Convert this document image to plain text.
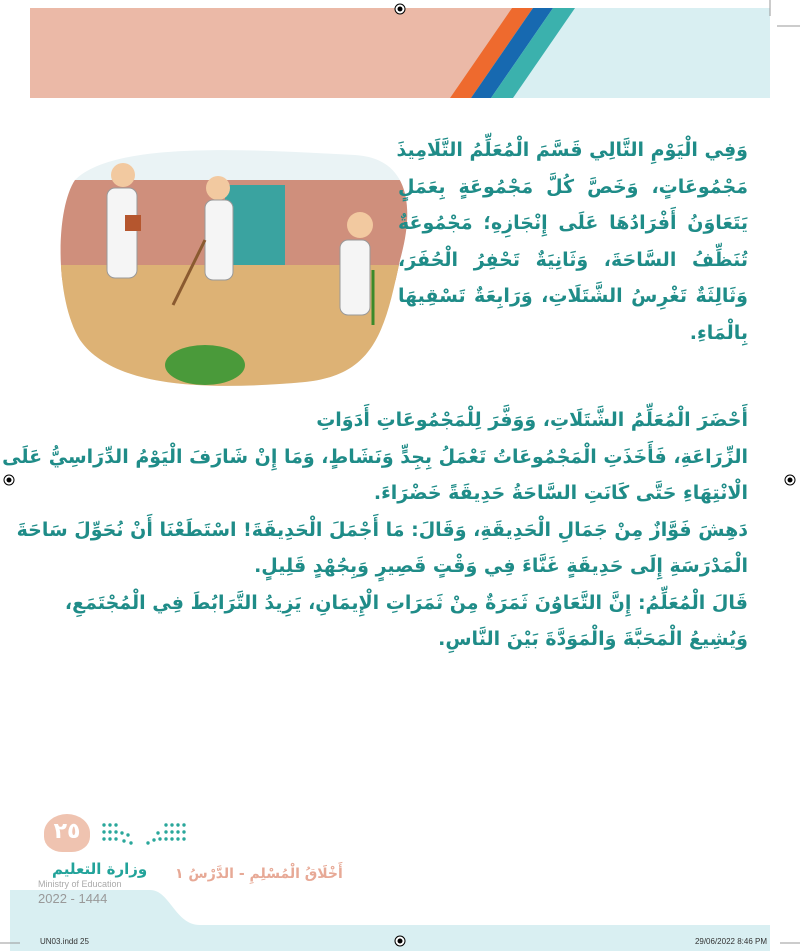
وَفِي الْيَوْمِ التَّالِي قَسَّمَ الْمُعَلِّمُ التَّلَامِيذَ
مَجْمُوعَاتٍ، وَخَصَّ كُلَّ مَجْمُوعَةٍ بِعَمَلٍ
يَتَعَاوَنُ أَفْرَادُهَا عَلَى إِنْجَازِهِ؛ مَجْمُوعَةٌ
تُنَظِّفُ السَّاحَةَ، وَثَانِيَةٌ تَحْفِرُ الْحُفَرَ،
وَثَالِثَةٌ تَغْرِسُ الشَّتَلَاتِ، وَرَابِعَةٌ تَسْقِيهَا
بِالْمَاءِ.
أَحْضَرَ الْمُعَلِّمُ الشَّتَلَاتِ، وَوَفَّرَ لِلْمَجْمُوعَاتِ أَدَوَاتِ
الزِّرَاعَةِ، فَأَخَذَتِ الْمَجْمُوعَاتُ تَعْمَلُ بِجِدٍّ وَنَشَاطٍ، وَمَا إِنْ شَارَفَ الْيَوْمُ الدِّرَاسِيُّ عَلَى
الْانْتِهَاءِ حَتَّى كَانَتِ السَّاحَةُ حَدِيقَةً خَضْرَاءَ.
دَهِشَ فَوَّازٌ مِنْ جَمَالِ الْحَدِيقَةِ، وَقَالَ: مَا أَجْمَلَ الْحَدِيقَةَ! اسْتَطَعْنَا أَنْ نُحَوِّلَ سَاحَةَ
الْمَدْرَسَةِ إِلَى حَدِيقَةٍ غَنَّاءَ فِي وَقْتٍ قَصِيرٍ وَبِجُهْدٍ قَلِيلٍ.
قَالَ الْمُعَلِّمُ: إِنَّ التَّعَاوُنَ ثَمَرَةٌ مِنْ ثَمَرَاتِ الْإِيمَانِ، يَزِيدُ التَّرَابُطَ فِي الْمُجْتَمَعِ،
وَيُشِيعُ الْمَحَبَّةَ وَالْمَوَدَّةَ بَيْنَ النَّاسِ.
٢٥
وزارة التعليم
Ministry of Education
2022 - 1444
أَخْلَاقُ الْمُسْلِمِ - الدَّرْسُ ١
UN03.indd 25	29/06/2022 8:46 PM
